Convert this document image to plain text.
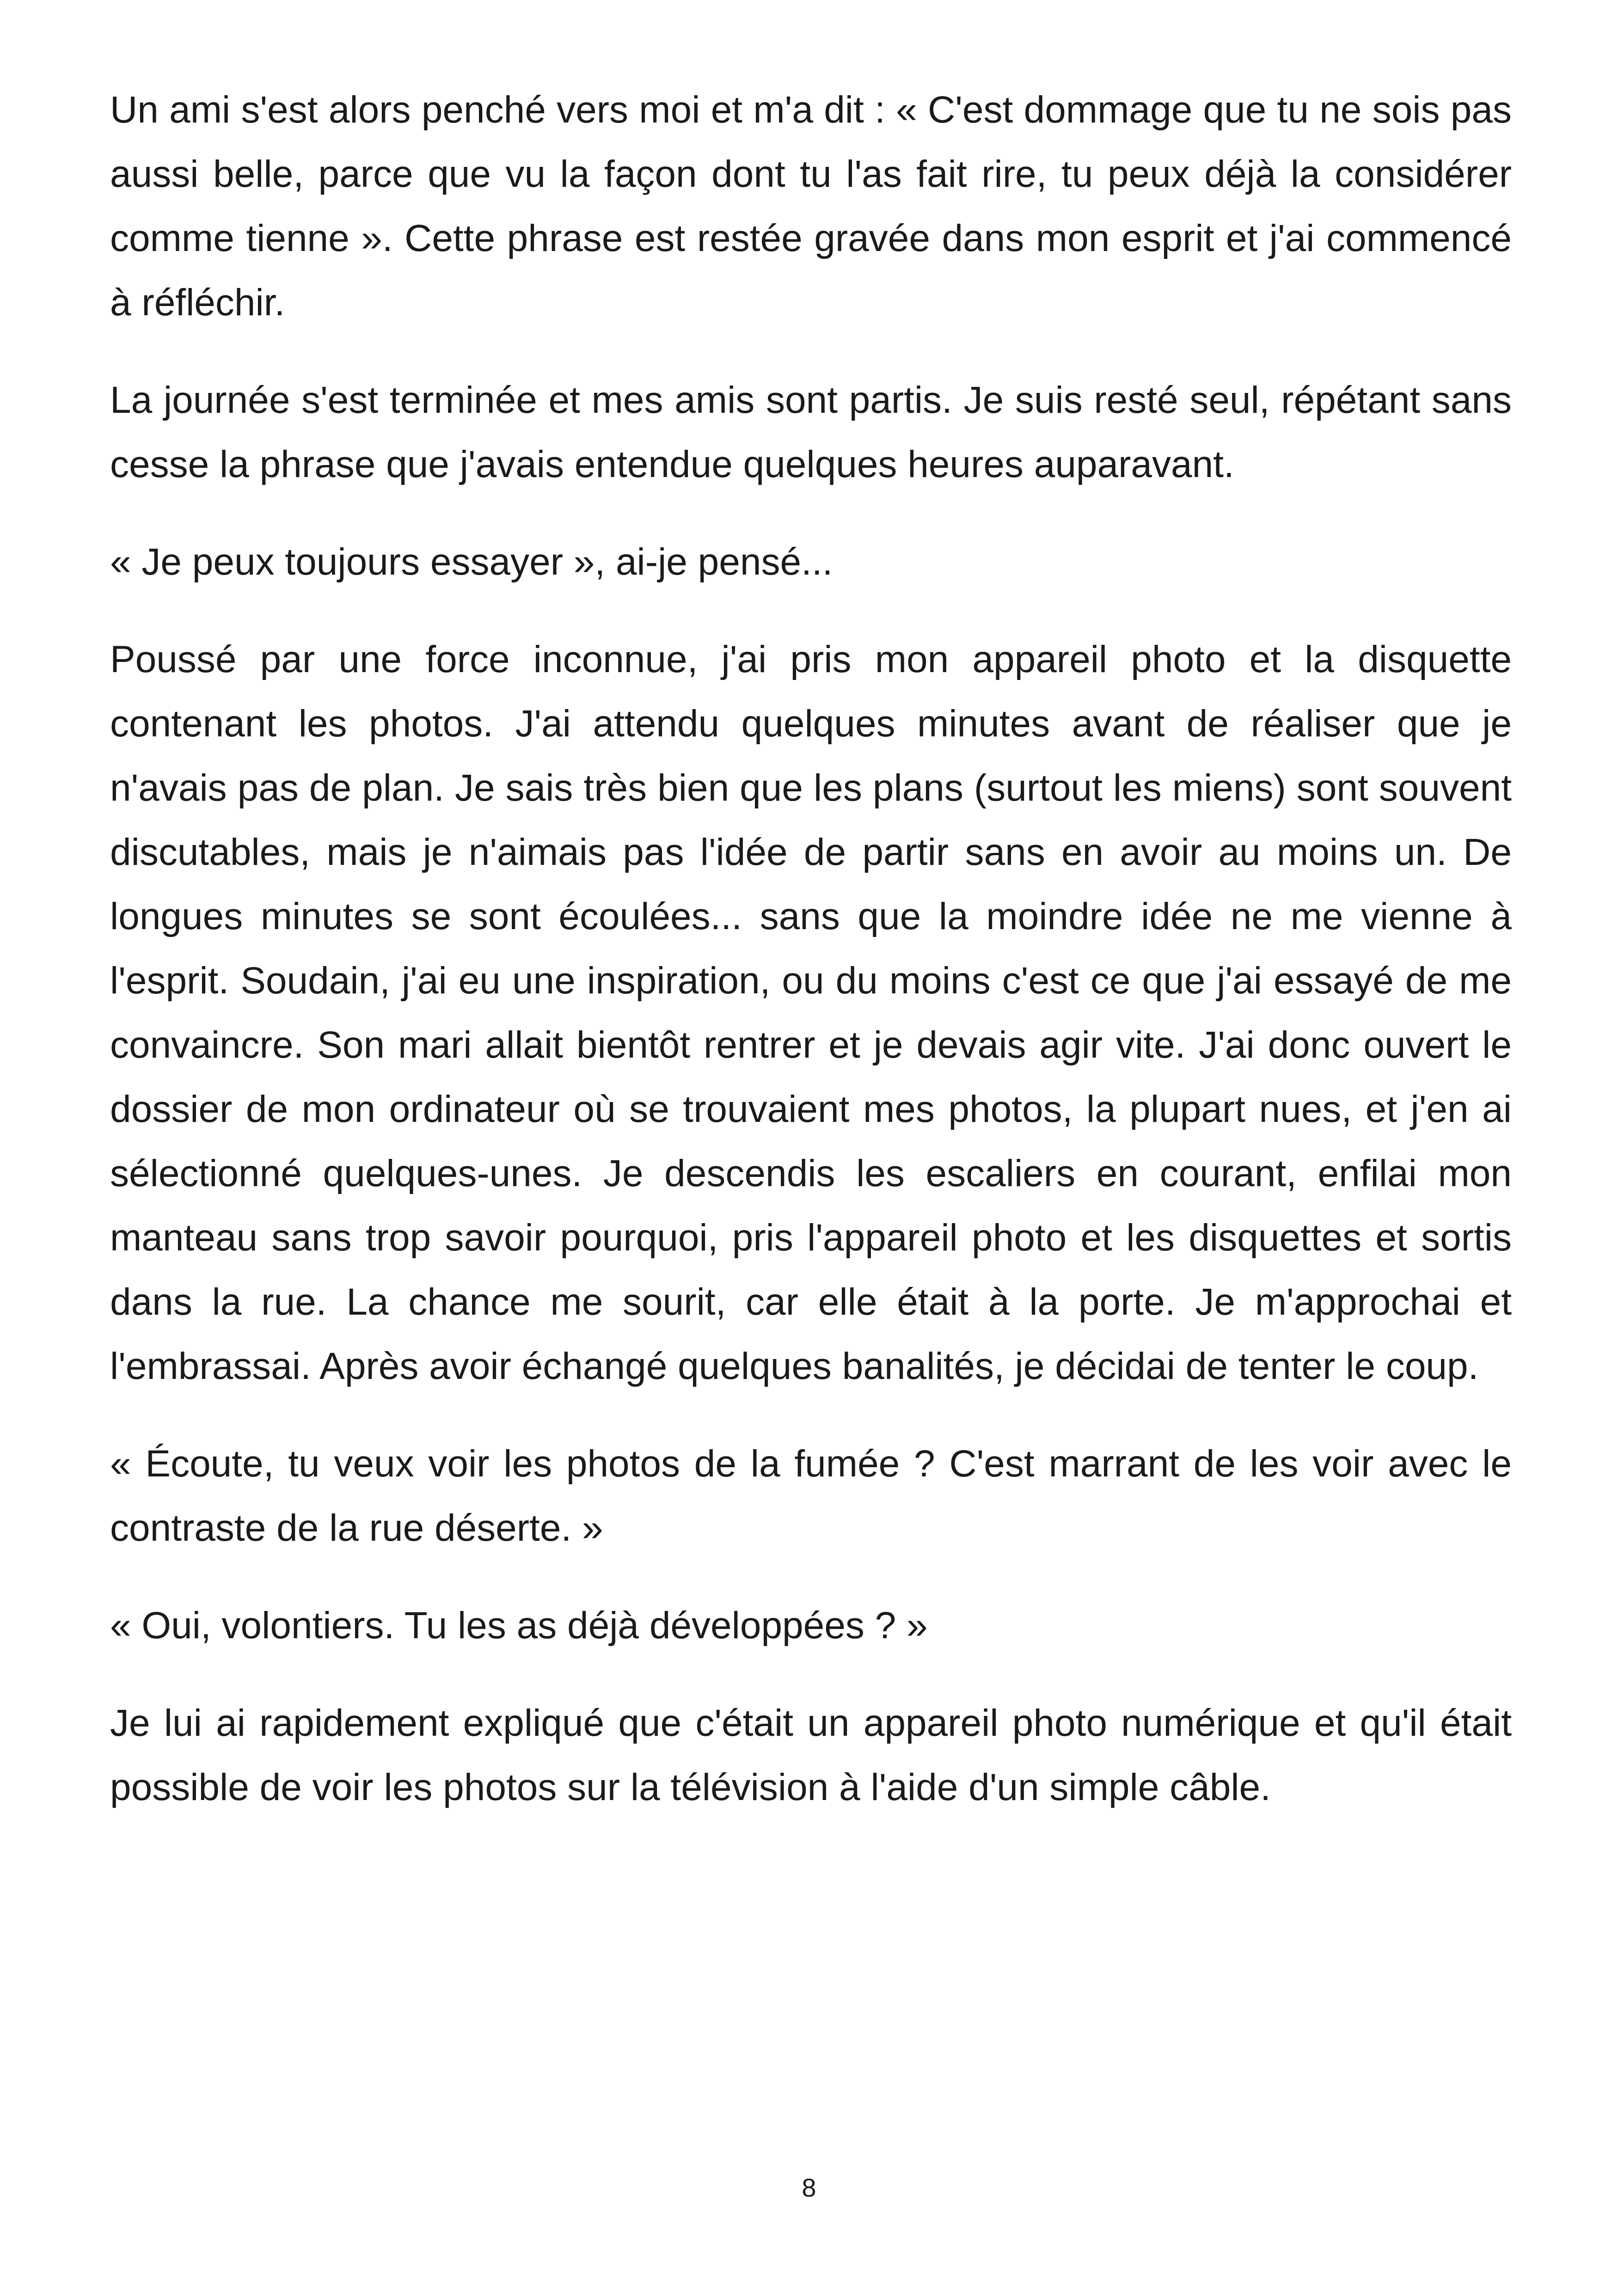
Un ami s'est alors penché vers moi et m'a dit : « C'est dommage que tu ne sois pas aussi belle, parce que vu la façon dont tu l'as fait rire, tu peux déjà la considérer comme tienne ». Cette phrase est restée gravée dans mon esprit et j'ai commencé à réfléchir.

La journée s'est terminée et mes amis sont partis. Je suis resté seul, répétant sans cesse la phrase que j'avais entendue quelques heures auparavant.

« Je peux toujours essayer », ai-je pensé...

Poussé par une force inconnue, j'ai pris mon appareil photo et la disquette contenant les photos. J'ai attendu quelques minutes avant de réaliser que je n'avais pas de plan. Je sais très bien que les plans (surtout les miens) sont souvent discutables, mais je n'aimais pas l'idée de partir sans en avoir au moins un. De longues minutes se sont écoulées... sans que la moindre idée ne me vienne à l'esprit. Soudain, j'ai eu une inspiration, ou du moins c'est ce que j'ai essayé de me convaincre. Son mari allait bientôt rentrer et je devais agir vite. J'ai donc ouvert le dossier de mon ordinateur où se trouvaient mes photos, la plupart nues, et j'en ai sélectionné quelques-unes. Je descendis les escaliers en courant, enfilai mon manteau sans trop savoir pourquoi, pris l'appareil photo et les disquettes et sortis dans la rue. La chance me sourit, car elle était à la porte. Je m'approchai et l'embrassai. Après avoir échangé quelques banalités, je décidai de tenter le coup.

« Écoute, tu veux voir les photos de la fumée ? C'est marrant de les voir avec le contraste de la rue déserte. »

« Oui, volontiers. Tu les as déjà développées ? »

Je lui ai rapidement expliqué que c'était un appareil photo numérique et qu'il était possible de voir les photos sur la télévision à l'aide d'un simple câble.

8
